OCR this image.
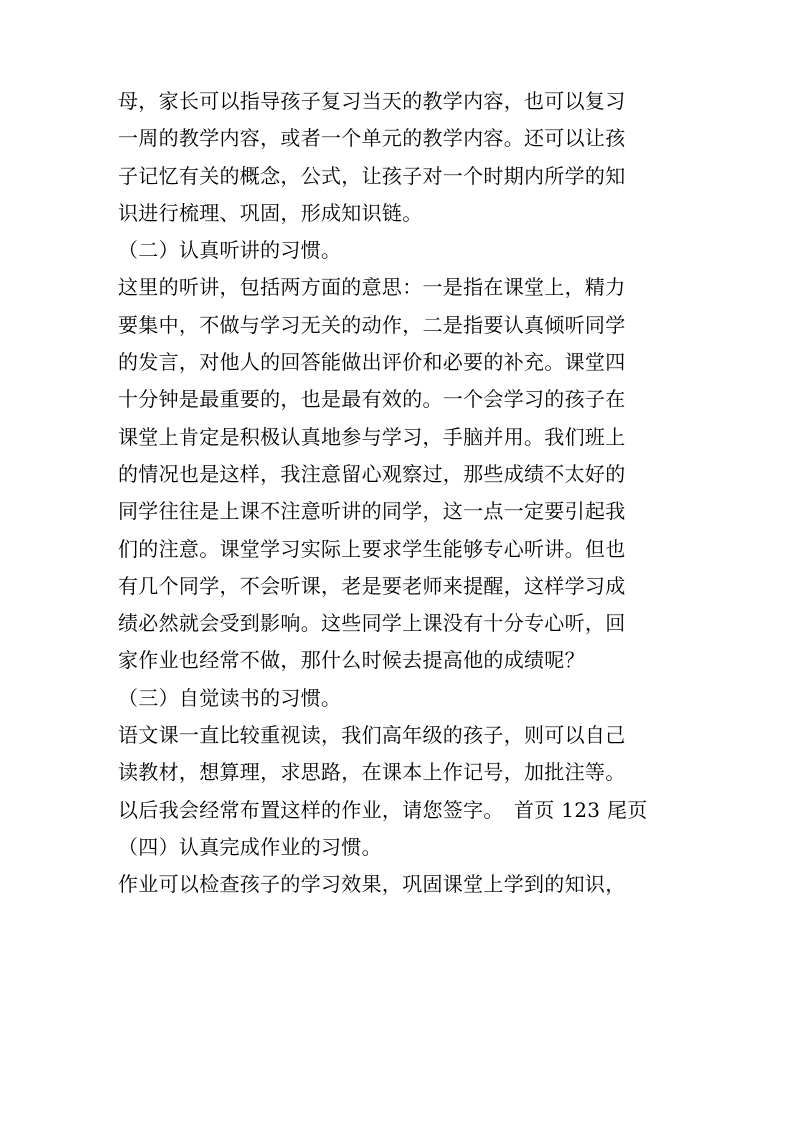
母，家长可以指导孩子复习当天的教学内容，也可以复习
一周的教学内容，或者一个单元的教学内容。还可以让孩
子记忆有关的概念，公式，让孩子对一个时期内所学的知
识进行梳理、巩固，形成知识链。
（二）认真听讲的习惯。
这里的听讲，包括两方面的意思：一是指在课堂上，精力
要集中，不做与学习无关的动作，二是指要认真倾听同学
的发言，对他人的回答能做出评价和必要的补充。课堂四
十分钟是最重要的，也是最有效的。一个会学习的孩子在
课堂上肯定是积极认真地参与学习，手脑并用。我们班上
的情况也是这样，我注意留心观察过，那些成绩不太好的
同学往往是上课不注意听讲的同学，这一点一定要引起我
们的注意。课堂学习实际上要求学生能够专心听讲。但也
有几个同学，不会听课，老是要老师来提醒，这样学习成
绩必然就会受到影响。这些同学上课没有十分专心听，回
家作业也经常不做，那什么时候去提高他的成绩呢？
（三）自觉读书的习惯。
语文课一直比较重视读，我们高年级的孩子，则可以自己
读教材，想算理，求思路，在课本上作记号，加批注等。
以后我会经常布置这样的作业，请您签字。　首页 123 尾页
（四）认真完成作业的习惯。
作业可以检查孩子的学习效果，巩固课堂上学到的知识，
